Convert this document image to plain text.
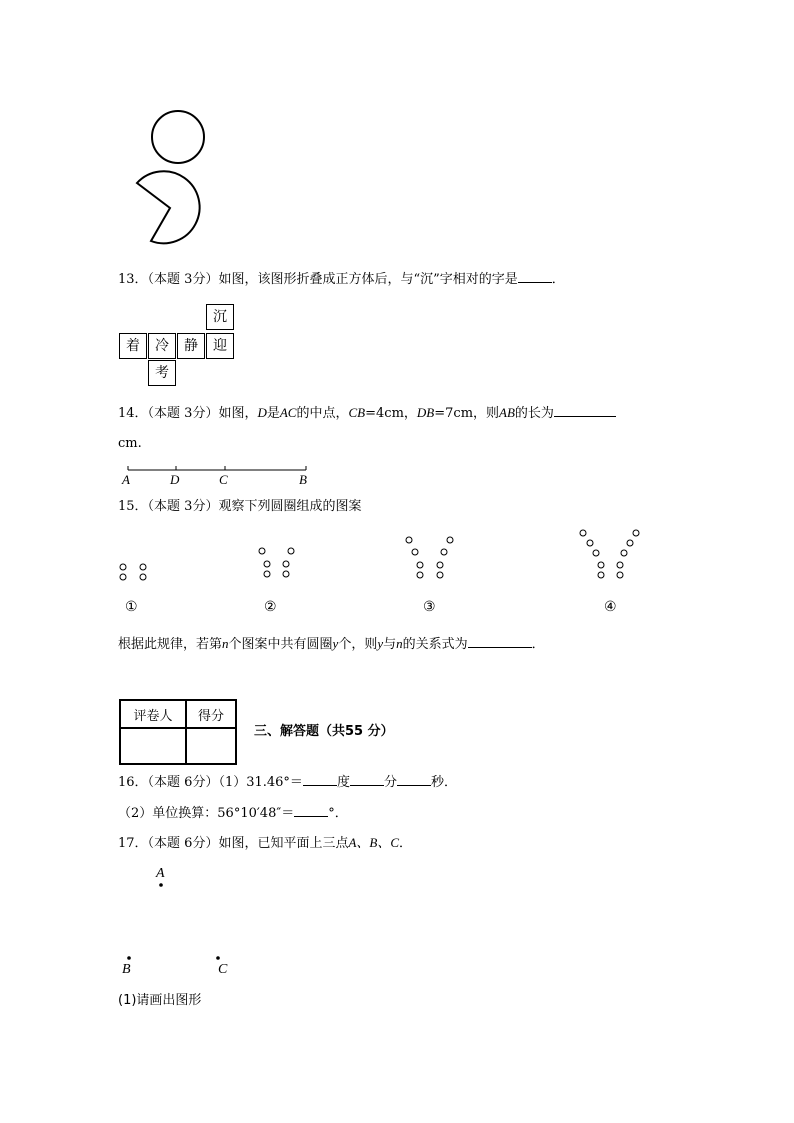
13．（本题 3分）如图，该图形折叠成正方体后，与“沉”字相对的字是	．
沉
着	冷	静	迎
考
14．（本题 3分）如图，D是AC的中点，CB=4cm，DB=7cm，则AB的长为
cm.
A	D	C	B
15．（本题 3分）观察下列圆圈组成的图案
①	②	③	④
根据此规律，若第n个图案中共有圆圈y个，则y与n的关系式为	．
评卷人	得分

三、解答题（共55 分）
16．（本题 6分）（1）31.46°＝	度	分	秒．
（2）单位换算：56°10′48″＝	°．
17．（本题 6分）如图，已知平面上三点A、B、C．
A
B	C
(1)请画出图形
